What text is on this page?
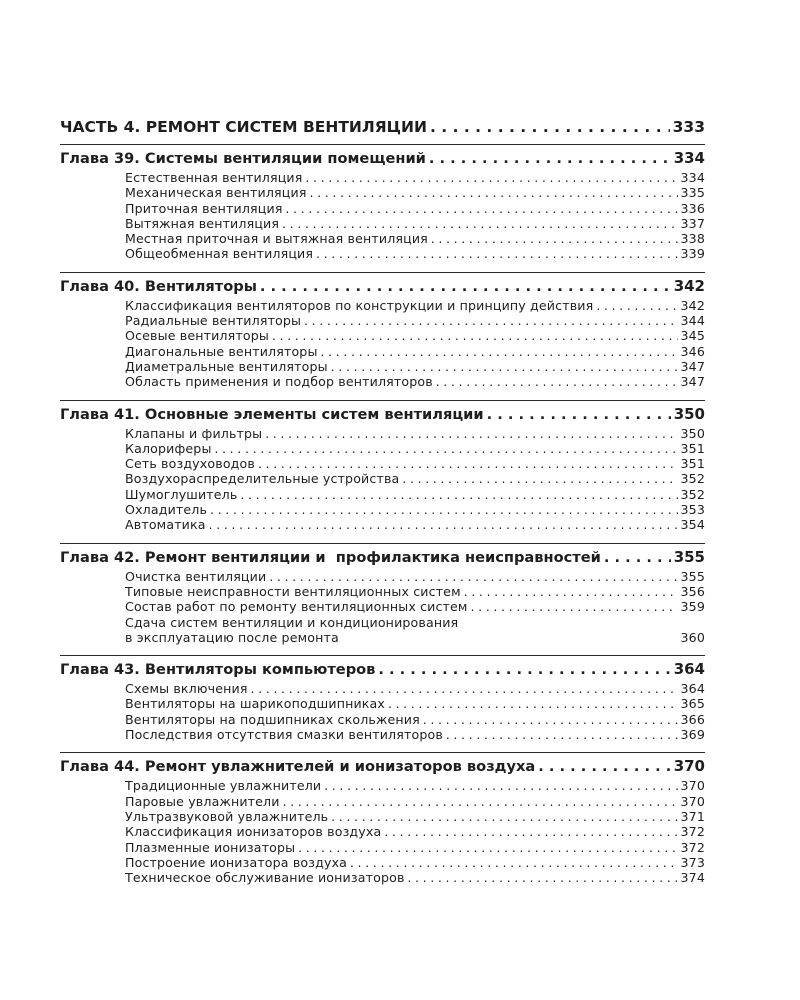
ЧАСТЬ 4. РЕМОНТ СИСТЕМ ВЕНТИЛЯЦИИ . . .	333
Глава 39. Системы вентиляции помещений . . .	334
Естественная вентиляция . . .	334
Механическая вентиляция . . .	335
Приточная вентиляция . . .	336
Вытяжная вентиляция . . .	337
Местная приточная и вытяжная вентиляция . . .	338
Общеобменная вентиляция . . .	339
Глава 40. Вентиляторы . . .	342
Классификация вентиляторов по конструкции и принципу действия . . .	342
Радиальные вентиляторы . . .	344
Осевые вентиляторы . . .	345
Диагональные вентиляторы . . .	346
Диаметральные вентиляторы . . .	347
Область применения и подбор вентиляторов . . .	347
Глава 41. Основные элементы систем вентиляции . . .	350
Клапаны и фильтры . . .	350
Калориферы . . .	351
Сеть воздуховодов . . .	351
Воздухораспределительные устройства . . .	352
Шумоглушитель . . .	352
Охладитель . . .	353
Автоматика . . .	354
Глава 42. Ремонт вентиляции и  профилактика неисправностей . . .	355
Очистка вентиляции . . .	355
Типовые неисправности вентиляционных систем . . .	356
Состав работ по ремонту вентиляционных систем . . .	359
Сдача систем вентиляции и кондиционирования
в эксплуатацию после ремонта	360
Глава 43. Вентиляторы компьютеров . . .	364
Схемы включения . . .	364
Вентиляторы на шарикоподшипниках . . .	365
Вентиляторы на подшипниках скольжения . . .	366
Последствия отсутствия смазки вентиляторов . . .	369
Глава 44. Ремонт увлажнителей и ионизаторов воздуха . . .	370
Традиционные увлажнители . . .	370
Паровые увлажнители . . .	370
Ультразвуковой увлажнитель . . .	371
Классификация ионизаторов воздуха . . .	372
Плазменные ионизаторы . . .	372
Построение ионизатора воздуха . . .	373
Техническое обслуживание ионизаторов . . .	374
